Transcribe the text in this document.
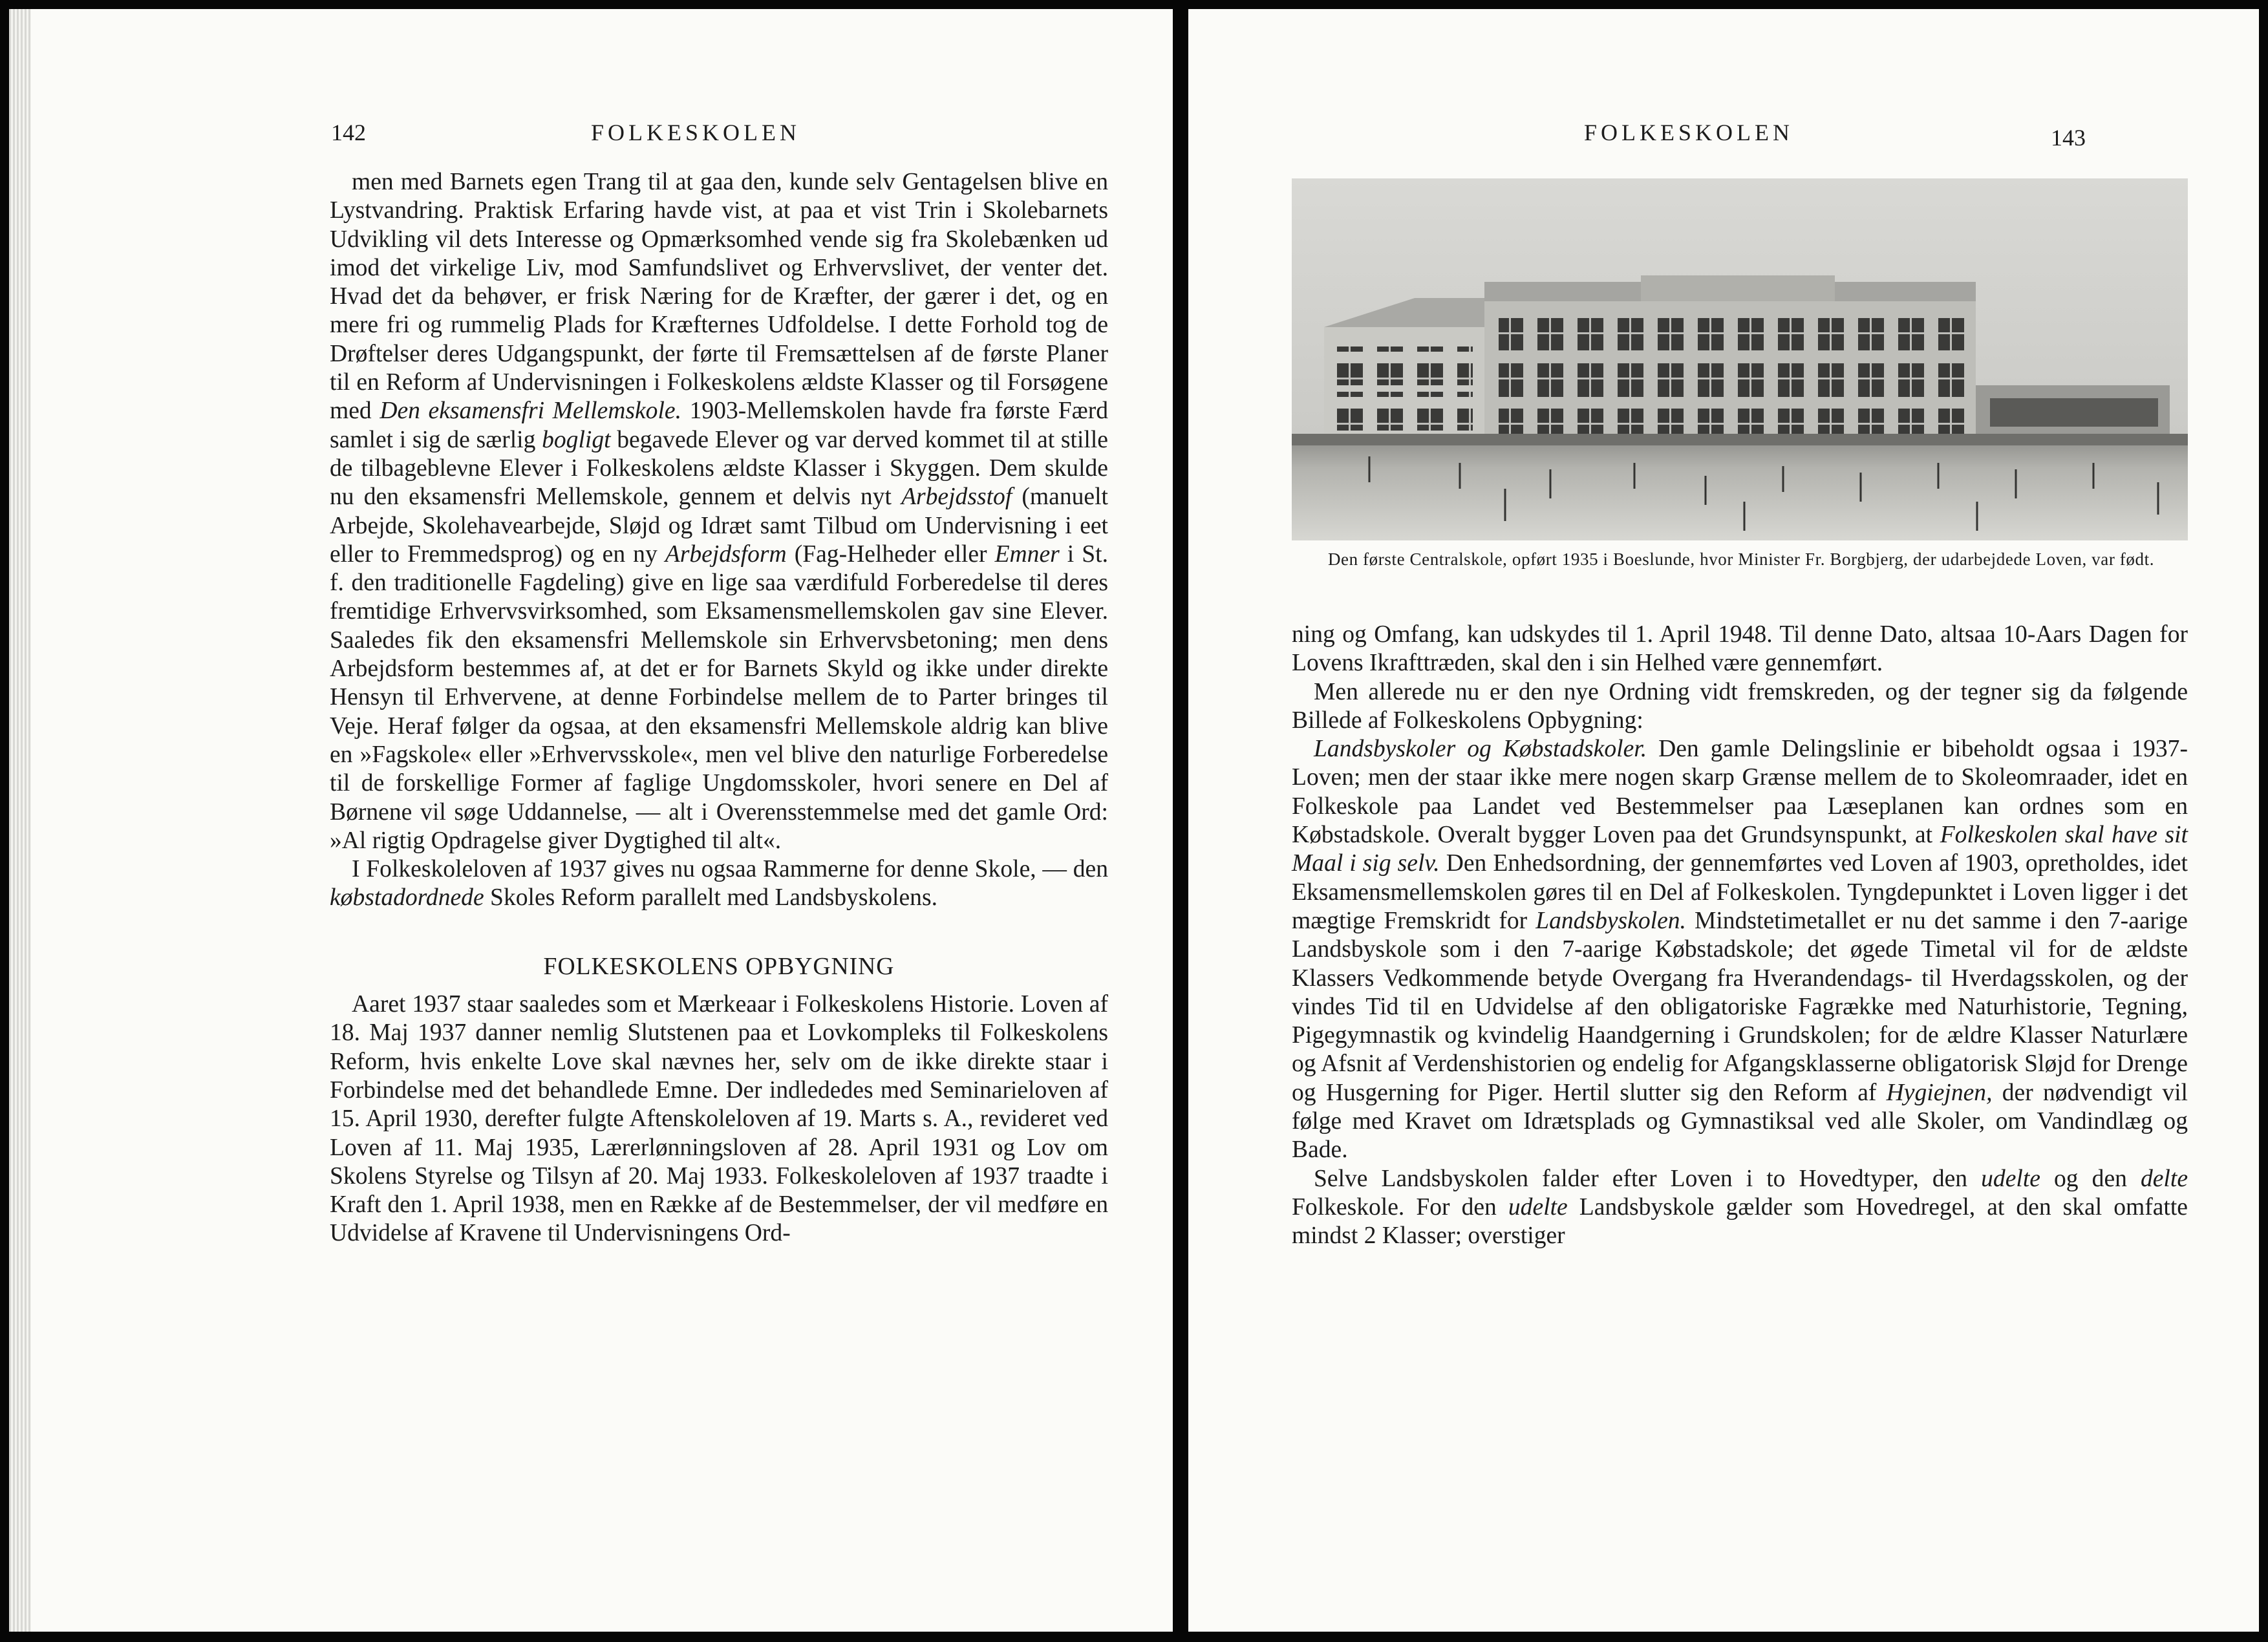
142	FOLKESKOLEN

men med Barnets egen Trang til at gaa den, kunde selv Gentagelsen blive en Lystvandring. Praktisk Erfaring havde vist, at paa et vist Trin i Skolebarnets Udvikling vil dets Interesse og Opmærksomhed vende sig fra Skolebænken ud imod det virkelige Liv, mod Samfundslivet og Erhvervslivet, der venter det. Hvad det da behøver, er frisk Næring for de Kræfter, der gærer i det, og en mere fri og rummelig Plads for Kræfternes Udfoldelse. I dette Forhold tog de Drøftelser deres Udgangspunkt, der førte til Fremsættelsen af de første Planer til en Reform af Undervisningen i Folkeskolens ældste Klasser og til Forsøgene med Den eksamensfri Mellemskole. 1903-Mellemskolen havde fra første Færd samlet i sig de særlig bogligt begavede Elever og var derved kommet til at stille de tilbagebleνne Elever i Folkeskolens ældste Klasser i Skyggen. Dem skulde nu den eksamensfri Mellemskole, gennem et delvis nyt Arbejdsstof (manuelt Arbejde, Skolehavearbejde, Sløjd og Idræt samt Tilbud om Undervisning i eet eller to Fremmedsprog) og en ny Arbejdsform (Fag-Helheder eller Emner i St. f. den traditionelle Fagdeling) give en lige saa værdifuld Forberedelse til deres fremtidige Erhvervsvirksomhed, som Eksamensmellemskolen gav sine Elever. Saaledes fik den eksamensfri Mellemskole sin Erhvervsbetoning; men dens Arbejdsform bestemmes af, at det er for Barnets Skyld og ikke under direkte Hensyn til Erhvervene, at denne Forbindelse mellem de to Parter bringes til Veje. Heraf følger da ogsaa, at den eksamensfri Mellemskole aldrig kan blive en »Fagskole« eller »Erhvervsskole«, men vel blive den naturlige Forberedelse til de forskellige Former af faglige Ungdomsskoler, hvori senere en Del af Børnene vil søge Uddannelse, — alt i Overensstemmelse med det gamle Ord: »Al rigtig Opdragelse giver Dygtighed til alt«.

I Folkeskoleloven af 1937 gives nu ogsaa Rammerne for denne Skole, — den købstadordnede Skoles Reform parallelt med Landsbyskolens.

FOLKESKOLENS OPBYGNING

Aaret 1937 staar saaledes som et Mærkeaar i Folkeskolens Historie. Loven af 18. Maj 1937 danner nemlig Slutstenen paa et Lovkompleks til Folkeskolens Reform, hvis enkelte Love skal nævnes her, selv om de ikke direkte staar i Forbindelse med det behandlede Emne. Der indlededes med Seminarieloven af 15. April 1930, derefter fulgte Aftenskoleloven af 19. Marts s. A., revideret ved Loven af 11. Maj 1935, Lærerlønningsloven af 28. April 1931 og Lov om Skolens Styrelse og Tilsyn af 20. Maj 1933. Folkeskoleloven af 1937 traadte i Kraft den 1. April 1938, men en Række af de Bestemmelser, der vil medføre en Udvidelse af Kravene til Undervisningens Ord-

FOLKESKOLEN	143
Den første Centralskole, opført 1935 i Boeslunde, hvor Minister Fr. Borgbjerg, der udarbejdede Loven, var født.

ning og Omfang, kan udskydes til 1. April 1948. Til denne Dato, altsaa 10-Aars Dagen for Lovens Ikrafttræden, skal den i sin Helhed være gennemført.

Men allerede nu er den nye Ordning vidt fremskreden, og der tegner sig da følgende Billede af Folkeskolens Opbygning:

Landsbyskoler og Købstadskoler. Den gamle Delingslinie er bibeholdt ogsaa i 1937-Loven; men der staar ikke mere nogen skarp Grænse mellem de to Skoleomraader, idet en Folkeskole paa Landet ved Bestemmelser paa Læseplanen kan ordnes som en Købstadskole. Overalt bygger Loven paa det Grundsynspunkt, at Folkeskolen skal have sit Maal i sig selv. Den Enhedsordning, der gennemførtes ved Loven af 1903, opretholdes, idet Eksamensmellemskolen gøres til en Del af Folkeskolen. Tyngdepunktet i Loven ligger i det mægtige Fremskridt for Landsbyskolen. Mindstetimetallet er nu det samme i den 7-aarige Landsbyskole som i den 7-aarige Købstadskole; det øgede Timetal vil for de ældste Klassers Vedkommende betyde Overgang fra Hverandendags- til Hverdagsskolen, og der vindes Tid til en Udvidelse af den obligatoriske Fagrække med Naturhistorie, Tegning, Pigegymnastik og kvindelig Haandgerning i Grundskolen; for de ældre Klasser Naturlære og Afsnit af Verdenshistorien og endelig for Afgangsklasserne obligatorisk Sløjd for Drenge og Husgerning for Piger. Hertil slutter sig den Reform af Hygiejnen, der nødvendigt vil følge med Kravet om Idrætsplads og Gymnastiksal ved alle Skoler, om Vandindlæg og Bade.

Selve Landsbyskolen falder efter Loven i to Hovedtyper, den udelte og den delte Folkeskole. For den udelte Landsbyskole gælder som Hovedregel, at den skal omfatte mindst 2 Klasser; overstiger
